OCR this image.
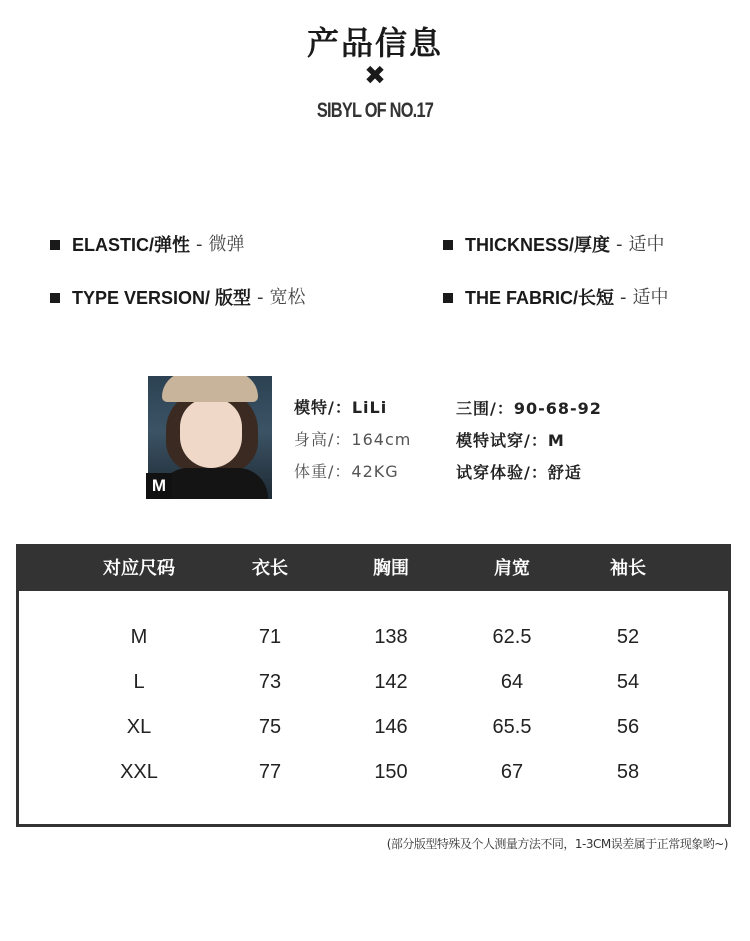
产品信息
✖
SIBYL OF NO.17
ELASTIC/弹性 - 微弹	THICKNESS/厚度 - 适中
TYPE VERSION/ 版型 - 宽松	THE FABRIC/长短 - 适中
M
模特/：LiLi
身高/：164cm
体重/：42KG
三围/：90-68-92
模特试穿/：M
试穿体验/：舒适
对应尺码	衣长	胸围	肩宽	袖长
M	71	138	62.5	52
L	73	142	64	54
XL	75	146	65.5	56
XXL	77	150	67	58
(部分版型特殊及个人测量方法不同，1-3CM误差属于正常现象哟~)
